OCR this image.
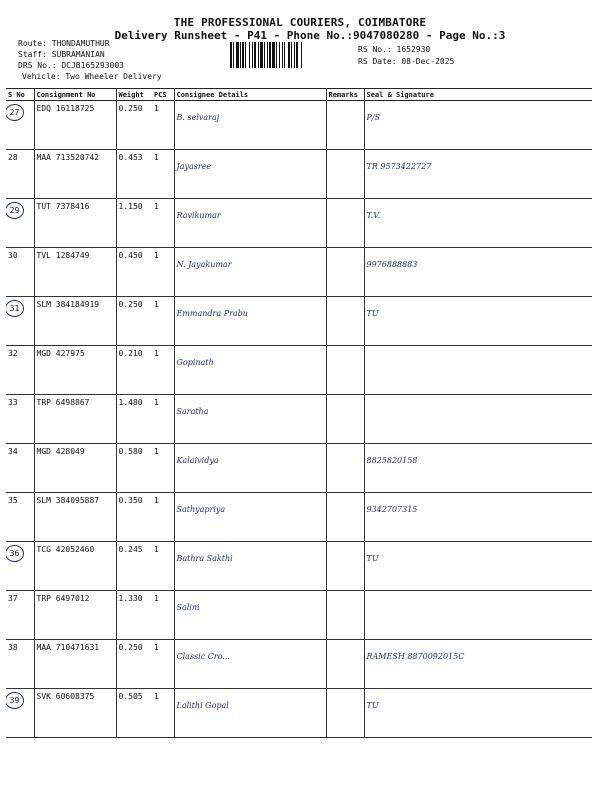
THE PROFESSIONAL COURIERS, COIMBATORE
Delivery Runsheet - P41 - Phone No.:9047080280 - Page No.:3
Route: THONDAMUTHUR
Staff: SUBRAMANIAN
DRS No.: DCJB165293003
Vehicle: Two Wheeler Delivery
RS No.: 1652930
RS Date: 08-Dec-2025
S No	Consignment No	Weight	PCS	Consignee Details	Remarks	Seal & Signature
27	EDQ 16118725	0.250	1	B. selvaraj		P/S
28	MAA 713520742	0.453	1	Jayasree		TR 9573422727
29	TUT 7378416	1.150	1	Ravikumar		T.V.
30	TVL 1284749	0.450	1	N. Jayakumar		9976888883
31	SLM 384184919	0.250	1	Emmandra Prabu		TU
32	MGD 427975	0.210	1	Gopinath		
33	TRP 6498867	1.480	1	Saratha		
34	MGD 428049	0.580	1	Kalaividya		8825820158
35	SLM 384095887	0.350	1	Sathyapriya		9342707315
36	TCG 42052460	0.245	1	Bathra Sakthi		TU
37	TRP 6497012	1.330	1	Salini		
38	MAA 710471631	0.250	1	Classic Cro...		RAMESH 8870092015C
39	SVK 60608375	0.505	1	Lalithi Gopal		TU
